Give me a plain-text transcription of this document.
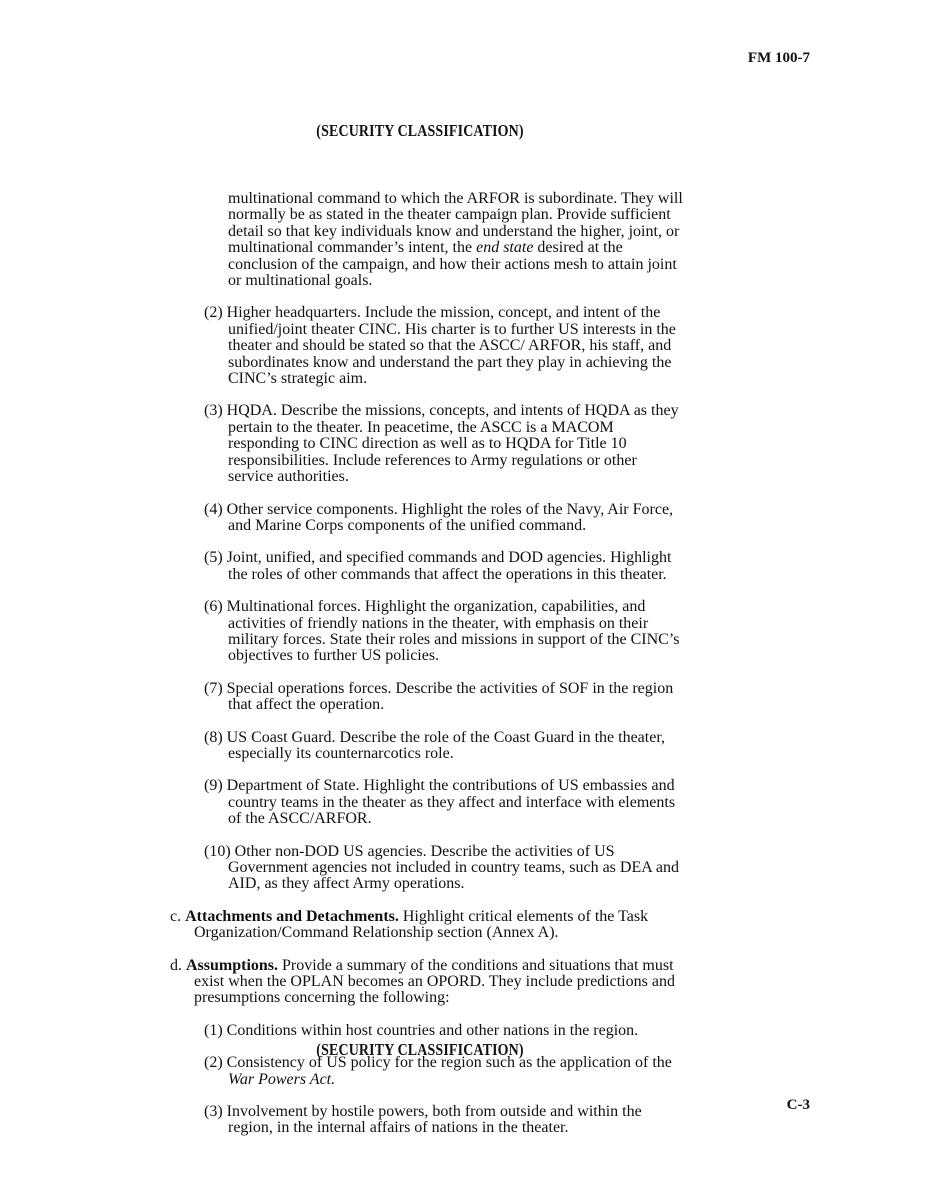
FM 100-7
(SECURITY CLASSIFICATION)

multinational command to which the ARFOR is subordinate. They will normally be as stated in the theater campaign plan. Provide sufficient detail so that key individuals know and understand the higher, joint, or multinational commander’s intent, the end state desired at the conclusion of the campaign, and how their actions mesh to attain joint or multinational goals.

(2) Higher headquarters. Include the mission, concept, and intent of the unified/joint theater CINC. His charter is to further US interests in the theater and should be stated so that the ASCC/ ARFOR, his staff, and subordinates know and understand the part they play in achieving the CINC’s strategic aim.

(3) HQDA. Describe the missions, concepts, and intents of HQDA as they pertain to the theater. In peacetime, the ASCC is a MACOM responding to CINC direction as well as to HQDA for Title 10 responsibilities. Include references to Army regulations or other service authorities.

(4) Other service components. Highlight the roles of the Navy, Air Force, and Marine Corps components of the unified command.

(5) Joint, unified, and specified commands and DOD agencies. Highlight the roles of other commands that affect the operations in this theater.

(6) Multinational forces. Highlight the organization, capabilities, and activities of friendly nations in the theater, with emphasis on their military forces. State their roles and missions in support of the CINC’s objectives to further US policies.

(7) Special operations forces. Describe the activities of SOF in the region that affect the operation.

(8) US Coast Guard. Describe the role of the Coast Guard in the theater, especially its counternarcotics role.

(9) Department of State. Highlight the contributions of US embassies and country teams in the theater as they affect and interface with elements of the ASCC/ARFOR.

(10) Other non-DOD US agencies. Describe the activities of US Government agencies not included in country teams, such as DEA and AID, as they affect Army operations.

c. Attachments and Detachments. Highlight critical elements of the Task Organization/Command Relationship section (Annex A).

d. Assumptions. Provide a summary of the conditions and situations that must exist when the OPLAN becomes an OPORD. They include predictions and presumptions concerning the following:

(1) Conditions within host countries and other nations in the region.

(2) Consistency of US policy for the region such as the application of the War Powers Act.

(3) Involvement by hostile powers, both from outside and within the region, in the internal affairs of nations in the theater.

(SECURITY CLASSIFICATION)
C-3
